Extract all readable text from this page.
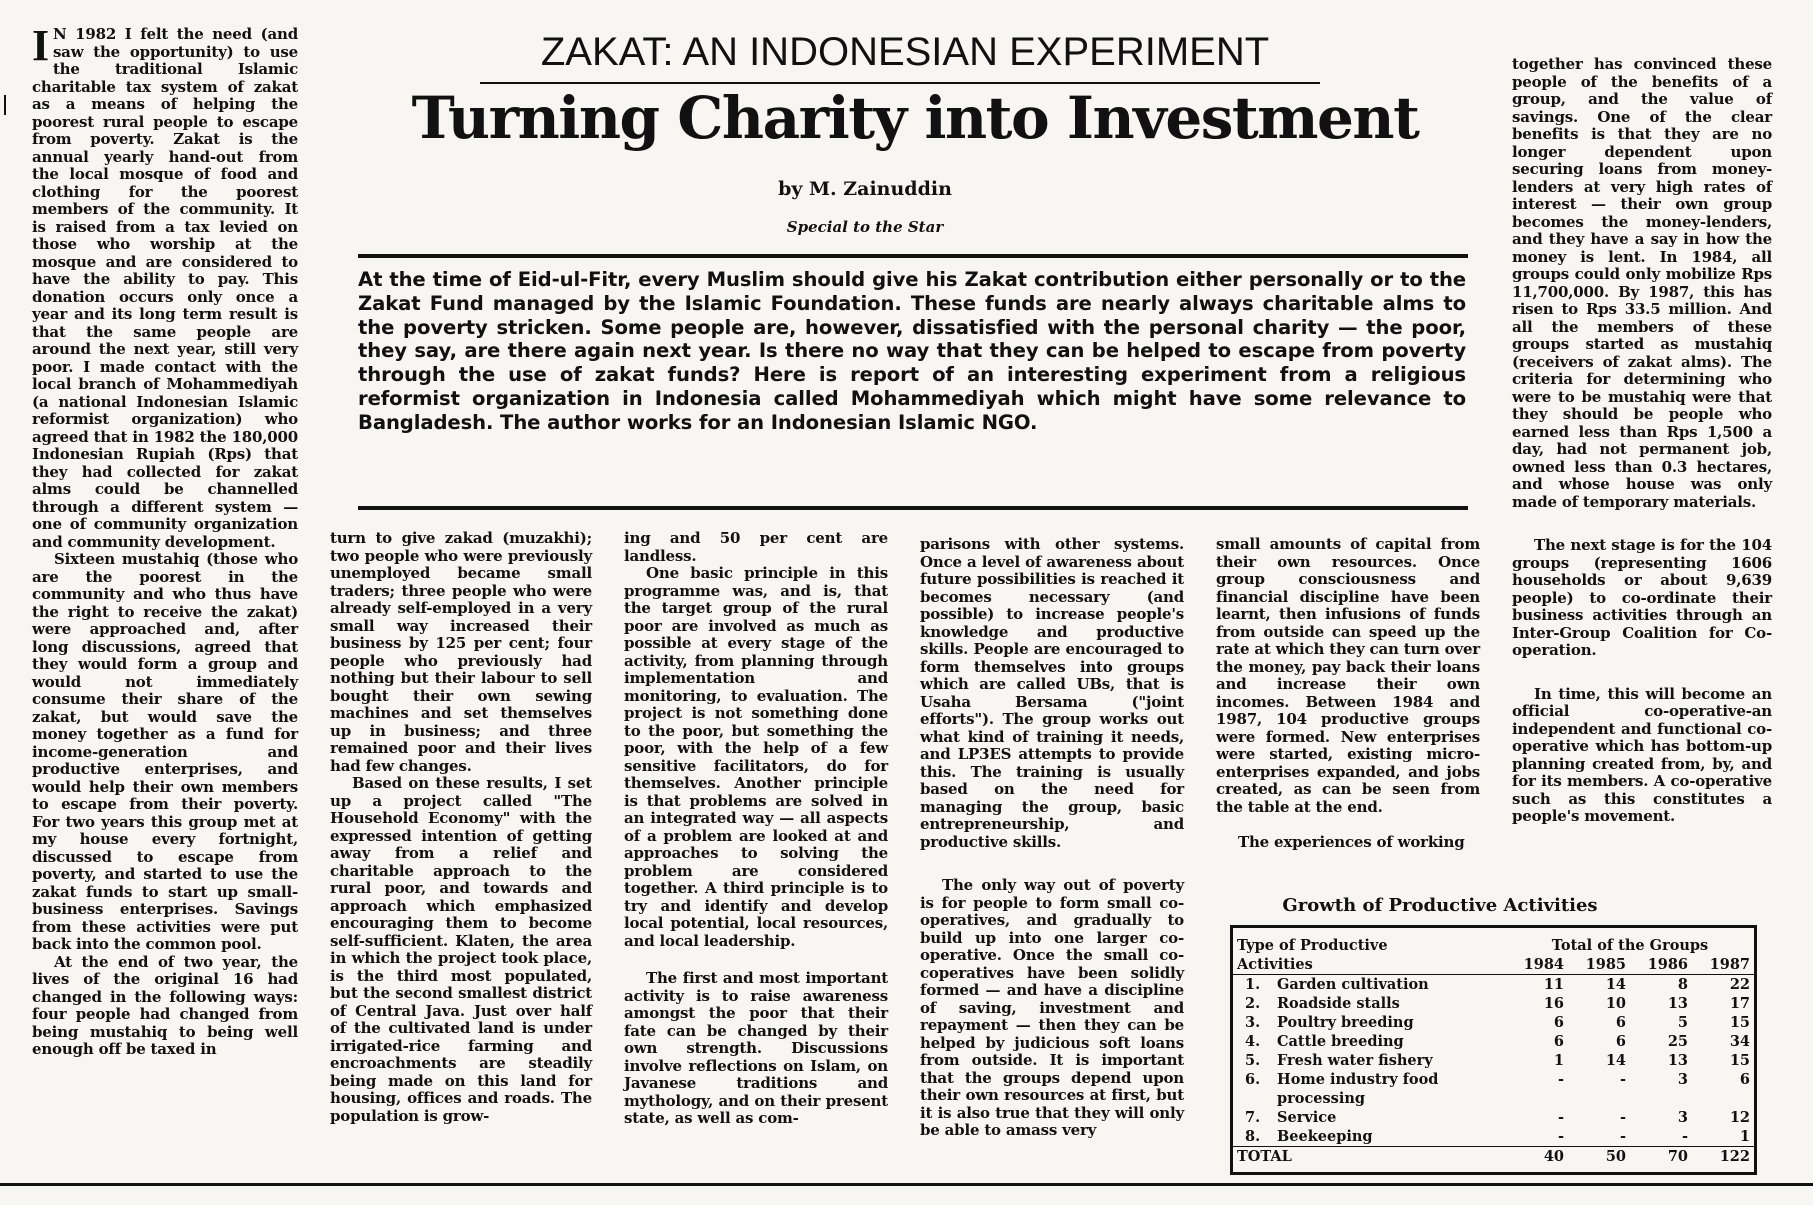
ZAKAT: AN INDONESIAN EXPERIMENT
Turning Charity into Investment
by M. Zainuddin
Special to the Star
At the time of Eid-ul-Fitr, every Muslim should give his Zakat contribution either personally or to the Zakat Fund managed by the Islamic Foundation. These funds are nearly always charitable alms to the poverty stricken. Some people are, however, dissatisfied with the personal charity — the poor, they say, are there again next year. Is there no way that they can be helped to escape from poverty through the use of zakat funds? Here is report of an interesting experiment from a religious reformist organization in Indonesia called Mohammediyah which might have some relevance to Bangladesh. The author works for an Indonesian Islamic NGO.

I N 1982 I felt the need (and saw the opportunity) to use the traditional Islamic charitable tax system of zakat as a means of helping the poorest rural people to escape from poverty. Zakat is the annual yearly hand-out from the local mosque of food and clothing for the poorest members of the community. It is raised from a tax levied on those who worship at the mosque and are considered to have the ability to pay. This donation occurs only once a year and its long term result is that the same people are around the next year, still very poor. I made contact with the local branch of Mohammediyah (a national Indonesian Islamic reformist organization) who agreed that in 1982 the 180,000 Indonesian Rupiah (Rps) that they had collected for zakat alms could be channelled through a different system — one of community organization and community development.

Sixteen mustahiq (those who are the poorest in the community and who thus have the right to receive the zakat) were approached and, after long discussions, agreed that they would form a group and would not immediately consume their share of the zakat, but would save the money together as a fund for income-generation and productive enterprises, and would help their own members to escape from their poverty. For two years this group met at my house every fortnight, discussed to escape from poverty, and started to use the zakat funds to start up small-business enterprises. Savings from these activities were put back into the common pool.

At the end of two year, the lives of the original 16 had changed in the following ways: four people had changed from being mustahiq to being well enough off be taxed in

turn to give zakad (muzakhi); two people who were previously unemployed became small traders; three people who were already self-employed in a very small way increased their business by 125 per cent; four people who previously had nothing but their labour to sell bought their own sewing machines and set themselves up in business; and three remained poor and their lives had few changes.

Based on these results, I set up a project called "The Household Economy" with the expressed intention of getting away from a relief and charitable approach to the rural poor, and towards and approach which emphasized encouraging them to become self-sufficient. Klaten, the area in which the project took place, is the third most populated, but the second smallest district of Central Java. Just over half of the cultivated land is under irrigated-rice farming and encroachments are steadily being made on this land for housing, offices and roads. The population is grow-

ing and 50 per cent are landless.

One basic principle in this programme was, and is, that the target group of the rural poor are involved as much as possible at every stage of the activity, from planning through implementation and monitoring, to evaluation. The project is not something done to the poor, but something the poor, with the help of a few sensitive facilitators, do for themselves. Another principle is that problems are solved in an integrated way — all aspects of a problem are looked at and approaches to solving the problem are considered together. A third principle is to try and identify and develop local potential, local resources, and local leadership.

The first and most important activity is to raise awareness amongst the poor that their fate can be changed by their own strength. Discussions involve reflections on Islam, on Javanese traditions and mythology, and on their present state, as well as com-

parisons with other systems. Once a level of awareness about future possibilities is reached it becomes necessary (and possible) to increase people's knowledge and productive skills. People are encouraged to form themselves into groups which are called UBs, that is Usaha Bersama ("joint efforts"). The group works out what kind of training it needs, and LP3ES attempts to provide this. The training is usually based on the need for managing the group, basic entrepreneurship, and productive skills.

The only way out of poverty is for people to form small co-operatives, and gradually to build up into one larger co-operative. Once the small co-coperatives have been solidly formed — and have a discipline of saving, investment and repayment — then they can be helped by judicious soft loans from outside. It is important that the groups depend upon their own resources at first, but it is also true that they will only be able to amass very

small amounts of capital from their own resources. Once group consciousness and financial discipline have been learnt, then infusions of funds from outside can speed up the rate at which they can turn over the money, pay back their loans and increase their own incomes. Between 1984 and 1987, 104 productive groups were formed. New enterprises were started, existing micro-enterprises expanded, and jobs created, as can be seen from the table at the end.

The experiences of working

together has convinced these people of the benefits of a group, and the value of savings. One of the clear benefits is that they are no longer dependent upon securing loans from money-lenders at very high rates of interest — their own group becomes the money-lenders, and they have a say in how the money is lent. In 1984, all groups could only mobilize Rps 11,700,000. By 1987, this has risen to Rps 33.5 million. And all the members of these groups started as mustahiq (receivers of zakat alms). The criteria for determining who were to be mustahiq were that they should be people who earned less than Rps 1,500 a day, had not permanent job, owned less than 0.3 hectares, and whose house was only made of temporary materials.

The next stage is for the 104 groups (representing 1606 households or about 9,639 people) to co-ordinate their business activities through an Inter-Group Coalition for Co-operation.

In time, this will become an official co-operative-an independent and functional co-operative which has bottom-up planning created from, by, and for its members. A co-operative such as this constitutes a people's movement.

Growth of Productive Activities
Type of Productive		Total of the Groups			
Activities		1984	1985	1986	1987
1.	Garden cultivation	11	14	8	22
2.	Roadside stalls	16	10	13	17
3.	Poultry breeding	6	6	5	15
4.	Cattle breeding	6	6	25	34
5.	Fresh water fishery	1	14	13	15
6.	Home industry food processing	-	-	3	6
7.	Service	-	-	3	12
8.	Beekeeping	-	-	-	1
TOTAL		40	50	70	122
